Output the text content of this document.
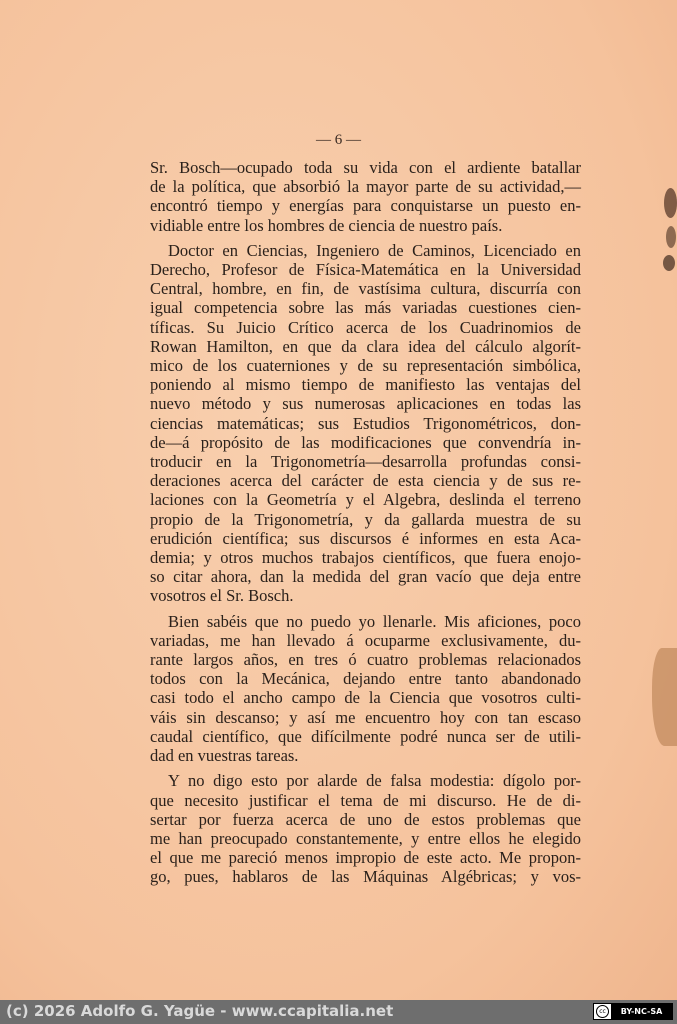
— 6 —

Sr. Bosch—ocupado toda su vida con el ardiente batallar
de la política, que absorbió la mayor parte de su actividad,—
encontró tiempo y energías para conquistarse un puesto en-
vidiable entre los hombres de ciencia de nuestro país.

Doctor en Ciencias, Ingeniero de Caminos, Licenciado en
Derecho, Profesor de Física-Matemática en la Universidad
Central, hombre, en fin, de vastísima cultura, discurría con
igual competencia sobre las más variadas cuestiones cien-
tíficas. Su Juicio Crítico acerca de los Cuadrinomios de
Rowan Hamilton, en que da clara idea del cálculo algorít-
mico de los cuaterniones y de su representación simbólica,
poniendo al mismo tiempo de manifiesto las ventajas del
nuevo método y sus numerosas aplicaciones en todas las
ciencias matemáticas; sus Estudios Trigonométricos, don-
de—á propósito de las modificaciones que convendría in-
troducir en la Trigonometría—desarrolla profundas consi-
deraciones acerca del carácter de esta ciencia y de sus re-
laciones con la Geometría y el Algebra, deslinda el terreno
propio de la Trigonometría, y da gallarda muestra de su
erudición científica; sus discursos é informes en esta Aca-
demia; y otros muchos trabajos científicos, que fuera enojo-
so citar ahora, dan la medida del gran vacío que deja entre
vosotros el Sr. Bosch.

Bien sabéis que no puedo yo llenarle. Mis aficiones, poco
variadas, me han llevado á ocuparme exclusivamente, du-
rante largos años, en tres ó cuatro problemas relacionados
todos con la Mecánica, dejando entre tanto abandonado
casi todo el ancho campo de la Ciencia que vosotros culti-
váis sin descanso; y así me encuentro hoy con tan escaso
caudal científico, que difícilmente podré nunca ser de utili-
dad en vuestras tareas.

Y no digo esto por alarde de falsa modestia: dígolo por-
que necesito justificar el tema de mi discurso. He de di-
sertar por fuerza acerca de uno de estos problemas que
me han preocupado constantemente, y entre ellos he elegido
el que me pareció menos impropio de este acto. Me propon-
go, pues, hablaros de las Máquinas Algébricas; y vos-

(c) 2026 Adolfo G. Yagüe - www.ccapitalia.net	cc	BY-NC-SA
